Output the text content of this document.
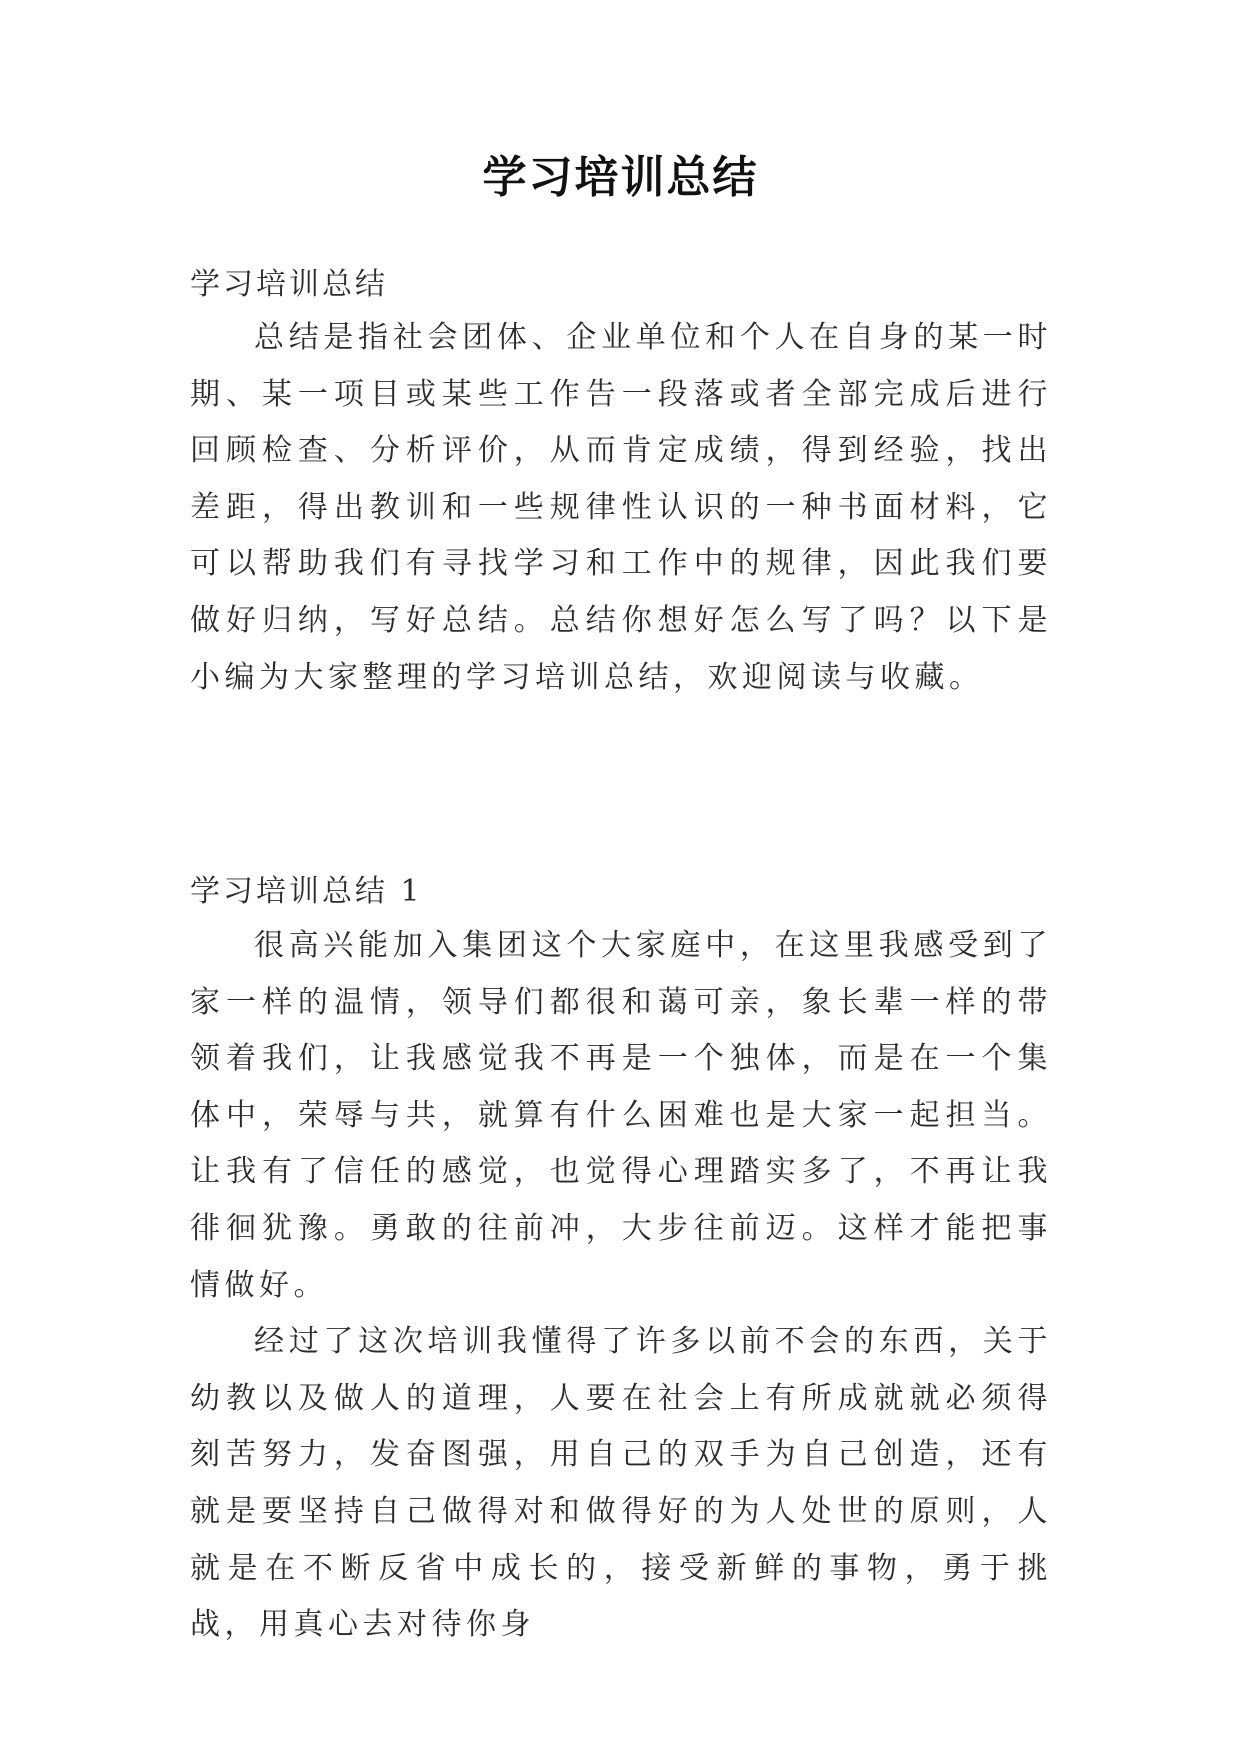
学习培训总结
学习培训总结

总结是指社会团体、企业单位和个人在自身的某一时期、某一项目或某些工作告一段落或者全部完成后进行回顾检查、分析评价，从而肯定成绩，得到经验，找出差距，得出教训和一些规律性认识的一种书面材料，它可以帮助我们有寻找学习和工作中的规律，因此我们要做好归纳，写好总结。总结你想好怎么写了吗？以下是小编为大家整理的学习培训总结，欢迎阅读与收藏。

学习培训总结 1

很高兴能加入集团这个大家庭中，在这里我感受到了家一样的温情，领导们都很和蔼可亲，象长辈一样的带领着我们，让我感觉我不再是一个独体，而是在一个集体中，荣辱与共，就算有什么困难也是大家一起担当。让我有了信任的感觉，也觉得心理踏实多了，不再让我徘徊犹豫。勇敢的往前冲，大步往前迈。这样才能把事情做好。

经过了这次培训我懂得了许多以前不会的东西，关于幼教以及做人的道理，人要在社会上有所成就就必须得刻苦努力，发奋图强，用自己的双手为自己创造，还有就是要坚持自己做得对和做得好的为人处世的原则，人就是在不断反省中成长的，接受新鲜的事物，勇于挑战，用真心去对待你身
